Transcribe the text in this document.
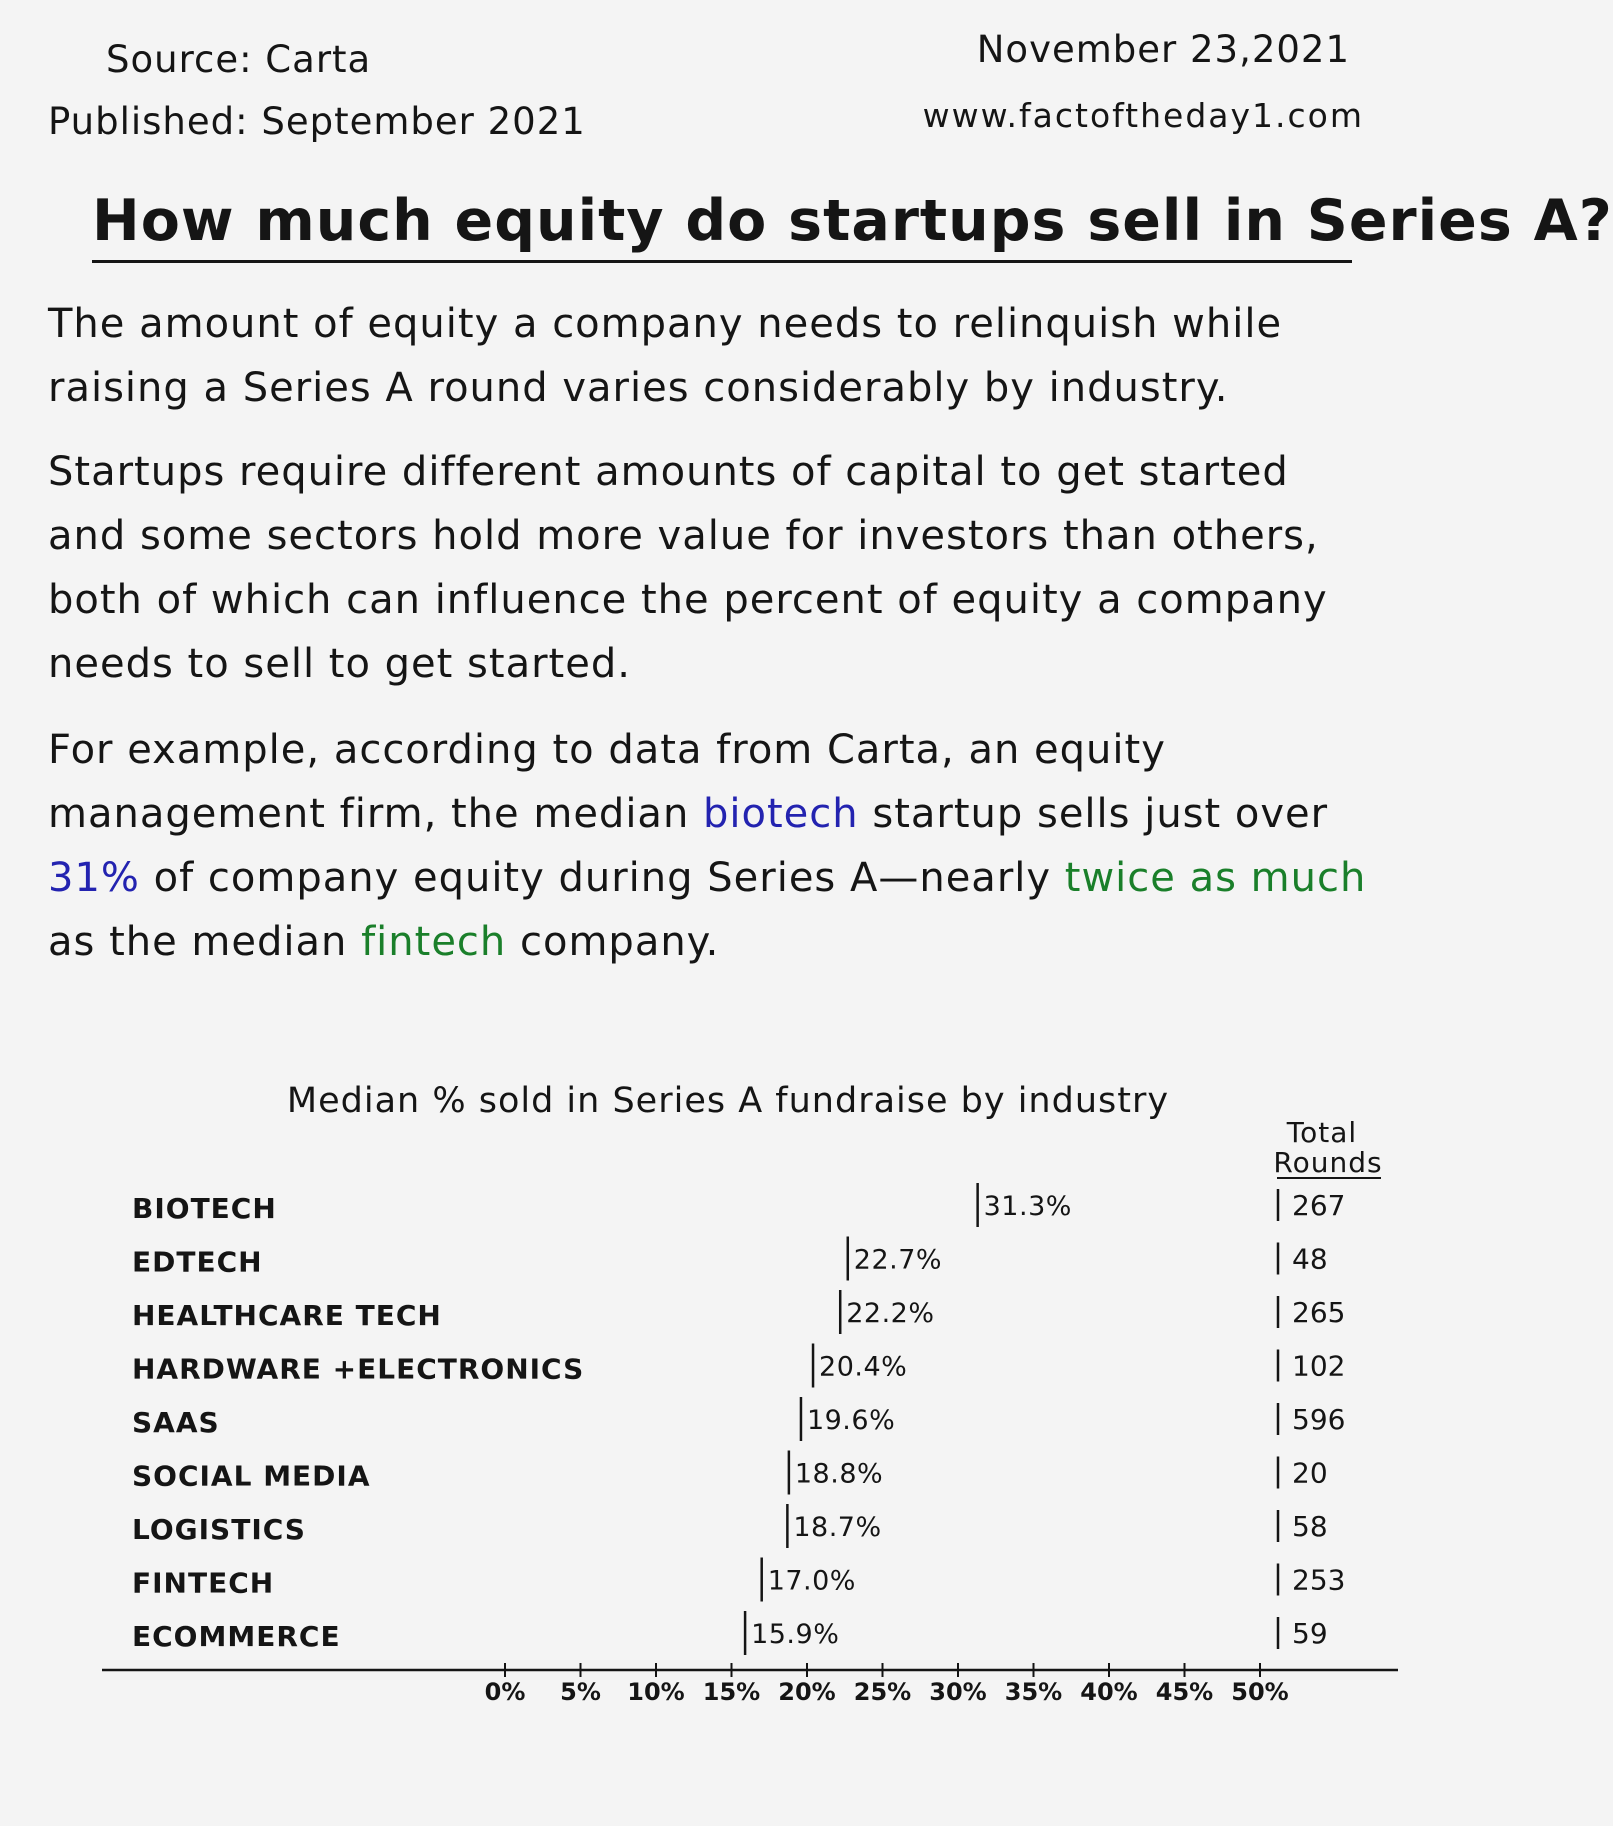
Source: Carta
Published: September 2021
November 23,2021
www.factoftheday1.com
How much equity do startups sell in Series A?

The amount of equity a company needs to relinquish while raising a Series A round varies considerably by industry.

Startups require different amounts of capital to get started and some sectors hold more value for investors than others, both of which can influence the percent of equity a company needs to sell to get started.

For example, according to data from Carta, an equity management firm, the median biotech startup sells just over 31% of company equity during Series A—nearly twice as much as the median fintech company.

Median % sold in Series A fundraise by industry
Total
Rounds
BIOTECH	31.3%	267
EDTECH	22.7%	48
HEALTHCARE TECH	22.2%	265
HARDWARE +ELECTRONICS	20.4%	102
SAAS	19.6%	596
SOCIAL MEDIA	18.8%	20
LOGISTICS	18.7%	58
FINTECH	17.0%	253
ECOMMERCE	15.9%	59
0% 5% 10% 15% 20% 25% 30% 35% 40% 45% 50%
